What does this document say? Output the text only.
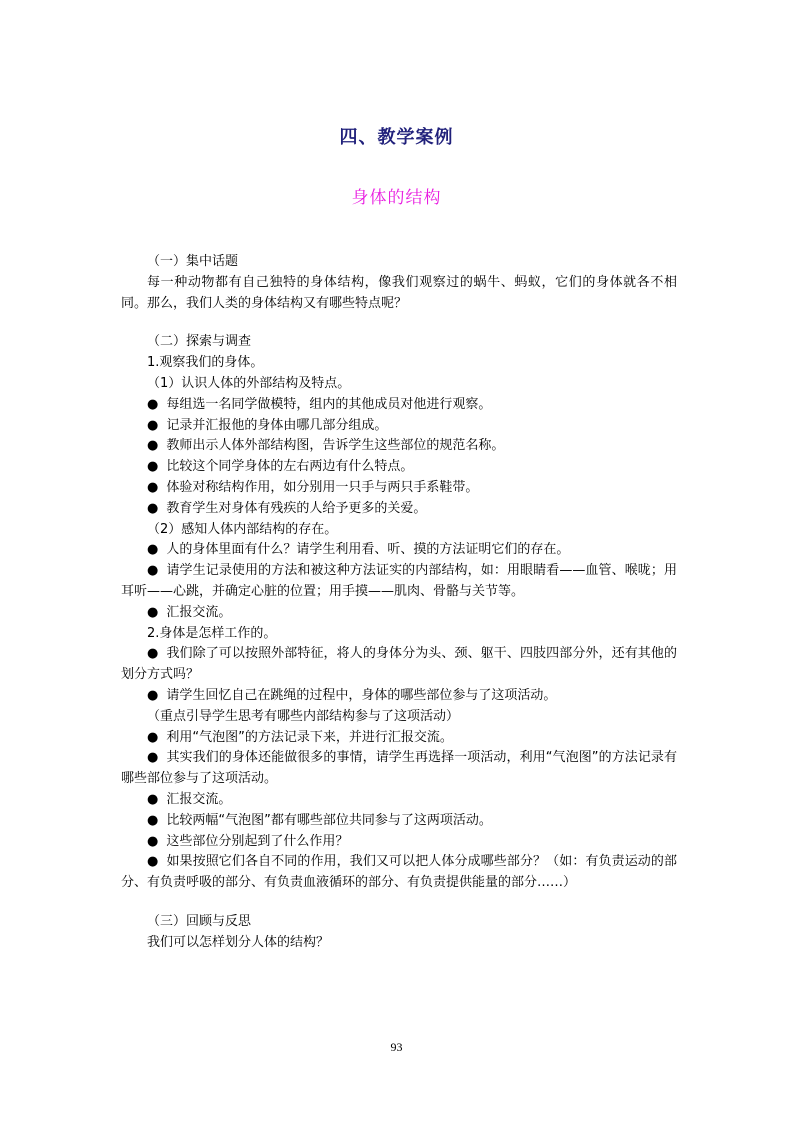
四、教学案例
身体的结构

（一）集中话题

每一种动物都有自己独特的身体结构，像我们观察过的蜗牛、蚂蚁，它们的身体就各不相同。那么，我们人类的身体结构又有哪些特点呢？

（二）探索与调查

1.观察我们的身体。

（1）认识人体的外部结构及特点。

● 每组选一名同学做模特，组内的其他成员对他进行观察。

● 记录并汇报他的身体由哪几部分组成。

● 教师出示人体外部结构图，告诉学生这些部位的规范名称。

● 比较这个同学身体的左右两边有什么特点。

● 体验对称结构作用，如分别用一只手与两只手系鞋带。

● 教育学生对身体有残疾的人给予更多的关爱。

（2）感知人体内部结构的存在。

● 人的身体里面有什么？请学生利用看、听、摸的方法证明它们的存在。

● 请学生记录使用的方法和被这种方法证实的内部结构，如：用眼睛看——血管、喉咙；用耳听——心跳，并确定心脏的位置；用手摸——肌肉、骨骼与关节等。

● 汇报交流。

2.身体是怎样工作的。

● 我们除了可以按照外部特征，将人的身体分为头、颈、躯干、四肢四部分外，还有其他的划分方式吗？

● 请学生回忆自己在跳绳的过程中，身体的哪些部位参与了这项活动。

（重点引导学生思考有哪些内部结构参与了这项活动）

● 利用“气泡图”的方法记录下来，并进行汇报交流。

● 其实我们的身体还能做很多的事情，请学生再选择一项活动，利用“气泡图”的方法记录有哪些部位参与了这项活动。

● 汇报交流。

● 比较两幅“气泡图”都有哪些部位共同参与了这两项活动。

● 这些部位分别起到了什么作用？

● 如果按照它们各自不同的作用，我们又可以把人体分成哪些部分？（如：有负责运动的部分、有负责呼吸的部分、有负责血液循环的部分、有负责提供能量的部分……）

（三）回顾与反思

我们可以怎样划分人体的结构？

93
